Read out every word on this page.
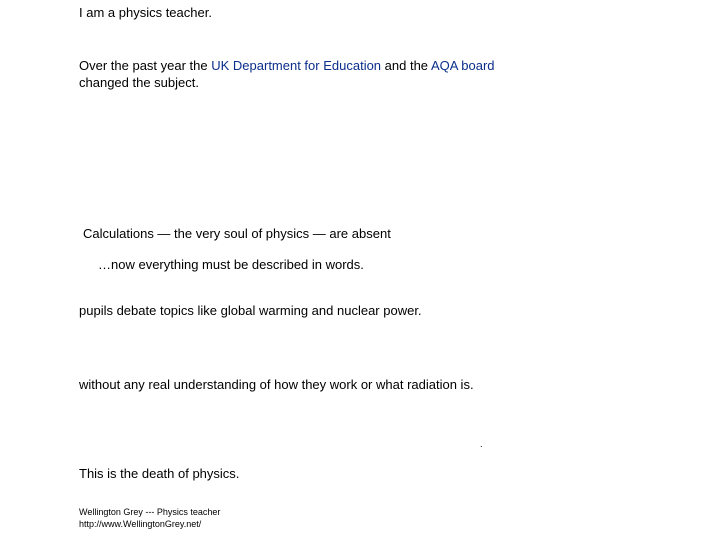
I am a physics teacher.
Over the past year the UK Department for Education and the AQA board
changed the subject.
Calculations — the very soul of physics — are absent
…now everything must be described in words.
pupils debate topics like global warming and nuclear power.
without any real understanding of how they work or what radiation is.
.
This is the death of physics.
Wellington Grey --- Physics teacher
http://www.WellingtonGrey.net/
